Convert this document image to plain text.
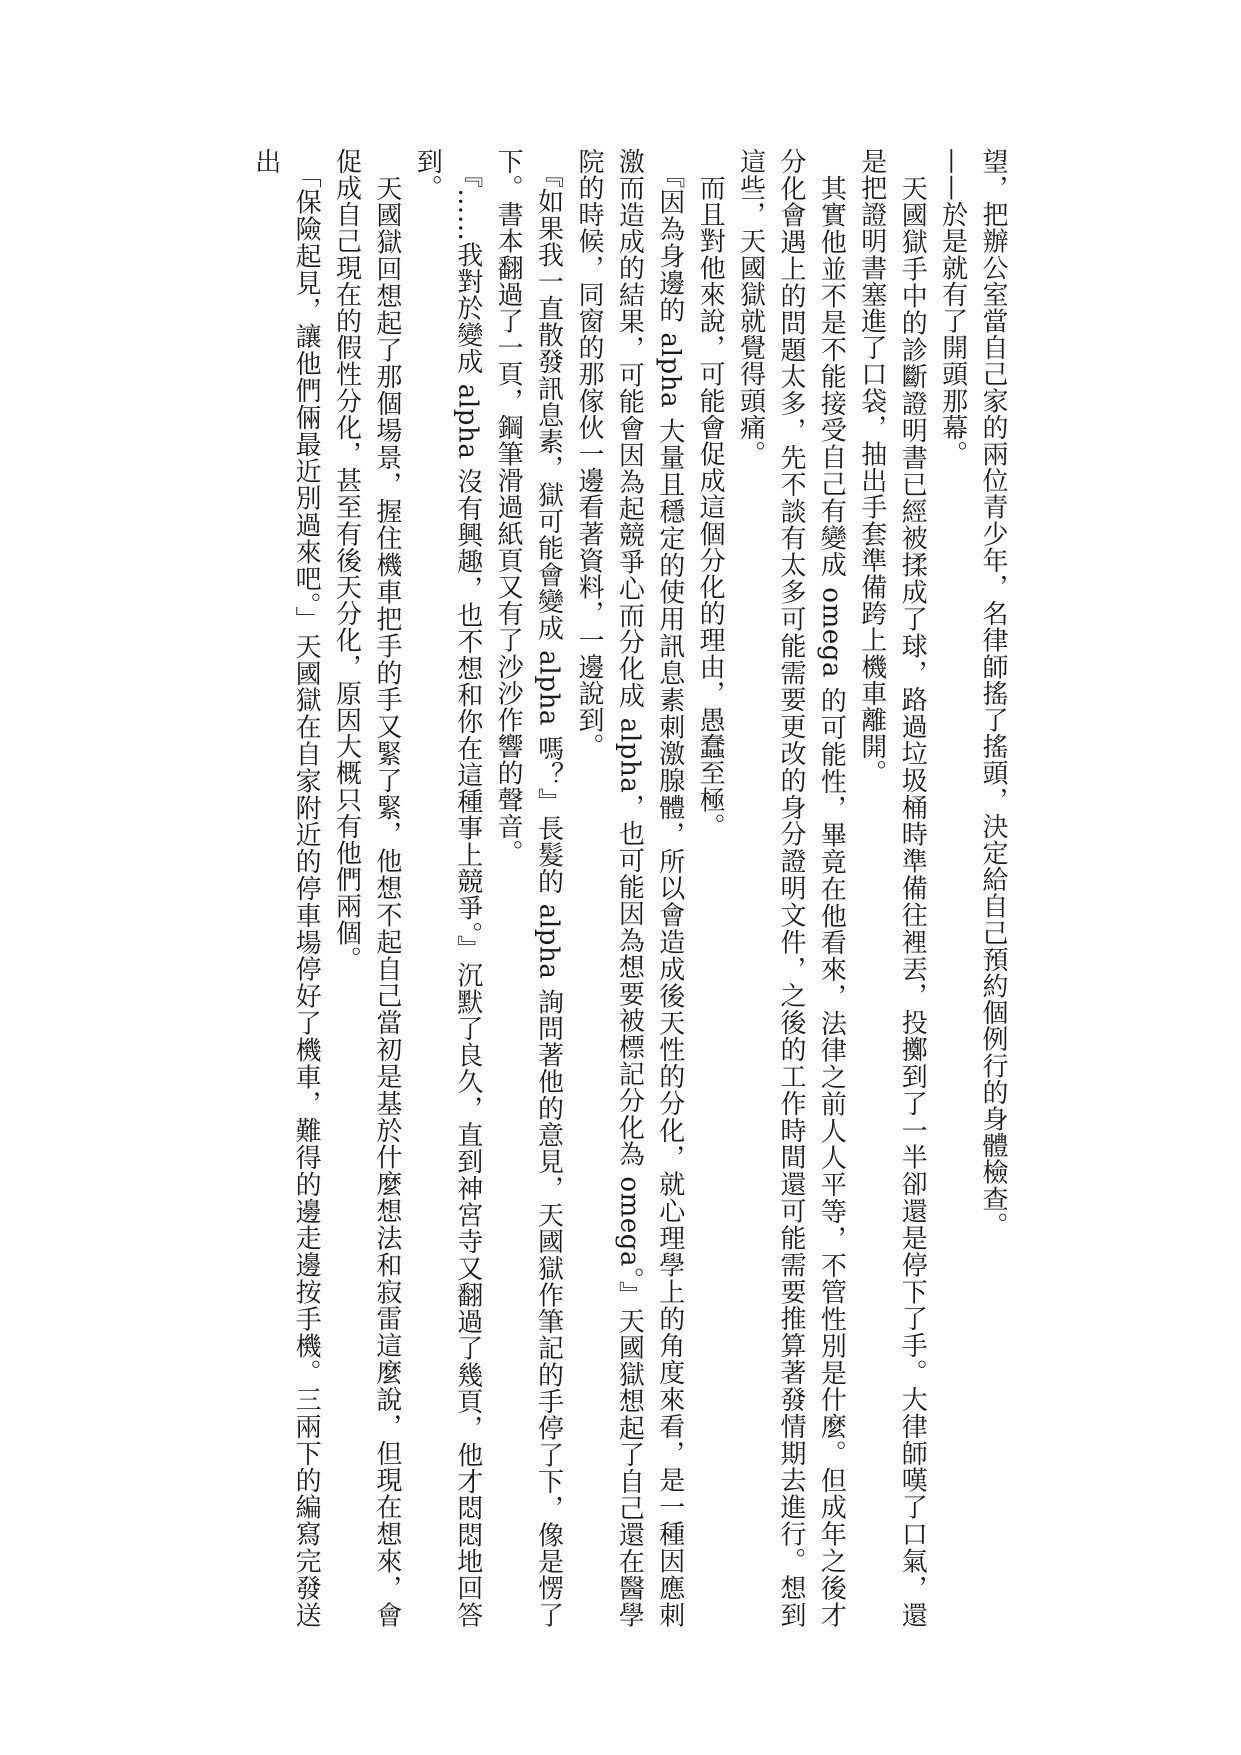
望，把辦公室當自己家的兩位青少年，名律師搖了搖頭，決定給自己預約個例行的身體檢查。

——於是就有了開頭那幕。

　天國獄手中的診斷證明書已經被揉成了球，路過垃圾桶時準備往裡丟，投擲到了一半卻還是停下了手。大律師嘆了口氣，還是把證明書塞進了口袋，抽出手套準備跨上機車離開。

　其實他並不是不能接受自己有變成 omega 的可能性，畢竟在他看來，法律之前人人平等，不管性別是什麼。但成年之後才分化會遇上的問題太多，先不談有太多可能需要更改的身分證明文件，之後的工作時間還可能需要推算著發情期去進行。想到這些，天國獄就覺得頭痛。

　而且對他來說，可能會促成這個分化的理由，愚蠢至極。

　『因為身邊的 alpha 大量且穩定的使用訊息素刺激腺體，所以會造成後天性的分化，就心理學上的角度來看，是一種因應刺激而造成的結果，可能會因為起競爭心而分化成 alpha，也可能因為想要被標記分化為 omega。』天國獄想起了自己還在醫學院的時候，同窗的那傢伙一邊看著資料，一邊說到。

　『如果我一直散發訊息素，獄可能會變成 alpha 嗎？』長髮的 alpha 詢問著他的意見，天國獄作筆記的手停了下，像是愣了下。書本翻過了一頁，鋼筆滑過紙頁又有了沙沙作響的聲音。

　『……我對於變成 alpha 沒有興趣，也不想和你在這種事上競爭。』沉默了良久，直到神宮寺又翻過了幾頁，他才悶悶地回答到。

　天國獄回想起了那個場景，握住機車把手的手又緊了緊，他想不起自己當初是基於什麼想法和寂雷這麼說，但現在想來，會促成自己現在的假性分化，甚至有後天分化，原因大概只有他們兩個。

　「保險起見，讓他們倆最近別過來吧。」天國獄在自家附近的停車場停好了機車，難得的邊走邊按手機。三兩下的編寫完發送出
